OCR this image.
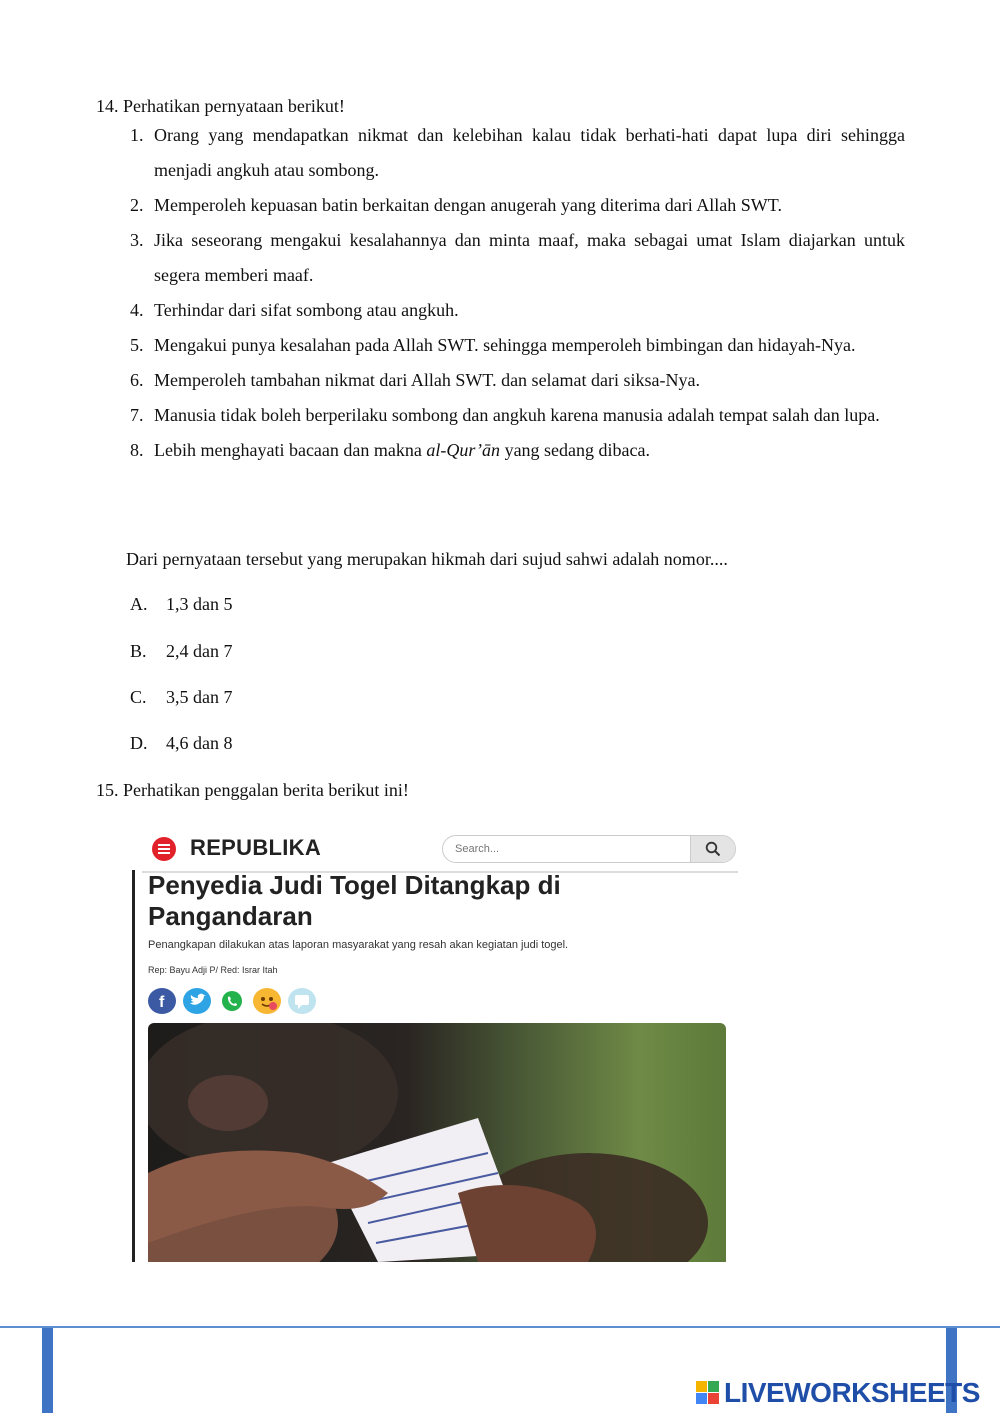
14. Perhatikan pernyataan berikut!
1. Orang yang mendapatkan nikmat dan kelebihan kalau tidak berhati-hati dapat lupa diri sehingga menjadi angkuh atau sombong.
2. Memperoleh kepuasan batin berkaitan dengan anugerah yang diterima dari Allah SWT.
3. Jika seseorang mengakui kesalahannya dan minta maaf, maka sebagai umat Islam diajarkan untuk segera memberi maaf.
4. Terhindar dari sifat sombong atau angkuh.
5. Mengakui punya kesalahan pada Allah SWT. sehingga memperoleh bimbingan dan hidayah-Nya.
6. Memperoleh tambahan nikmat dari Allah SWT. dan selamat dari siksa-Nya.
7. Manusia tidak boleh berperilaku sombong dan angkuh karena manusia adalah tempat salah dan lupa.
8. Lebih menghayati bacaan dan makna al-Qur’ān yang sedang dibaca.
Dari pernyataan tersebut yang merupakan hikmah dari sujud sahwi adalah nomor....
A.	1,3 dan 5
B.	2,4 dan 7
C.	3,5 dan 7
D.	4,6 dan 8
15. Perhatikan penggalan berita berikut ini!
REPUBLIKA
Search...
Penyedia Judi Togel Ditangkap di Pangandaran
Penangkapan dilakukan atas laporan masyarakat yang resah akan kegiatan judi togel.
Rep: Bayu Adji P/ Red: Israr Itah
f
LIVEWORKSHEETS
